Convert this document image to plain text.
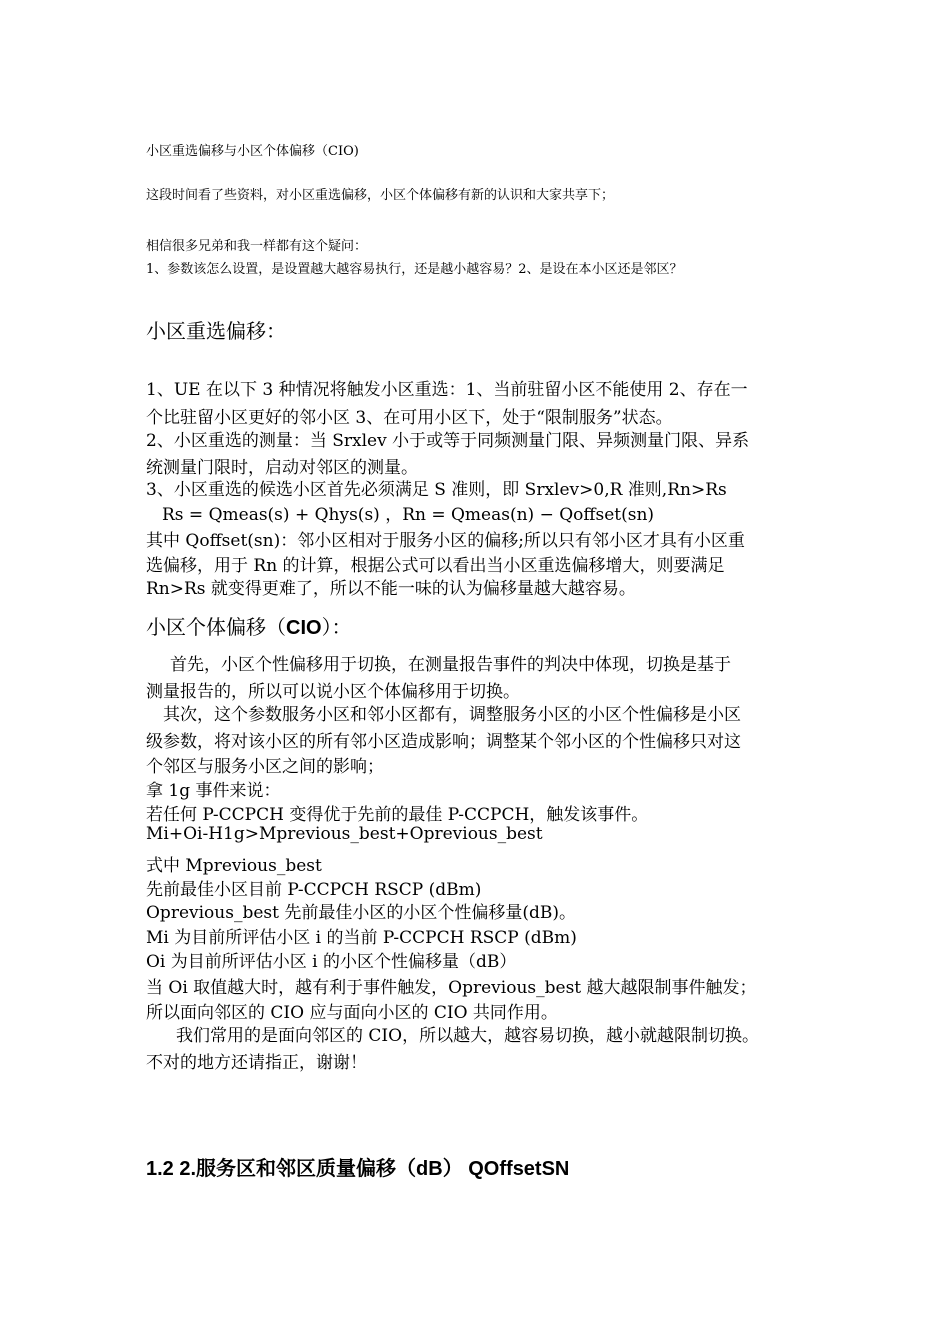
小区重选偏移与小区个体偏移（CIO)
这段时间看了些资料，对小区重选偏移，小区个体偏移有新的认识和大家共享下；
相信很多兄弟和我一样都有这个疑问：
1、参数该怎么设置，是设置越大越容易执行，还是越小越容易？2、是设在本小区还是邻区？
小区重选偏移：
1、UE 在以下 3 种情况将触发小区重选：1、当前驻留小区不能使用 2、存在一
个比驻留小区更好的邻小区 3、在可用小区下，处于“限制服务”状态。
2、小区重选的测量：当 Srxlev 小于或等于同频测量门限、异频测量门限、异系
统测量门限时，启动对邻区的测量。
3、小区重选的候选小区首先必须满足 S 准则，即 Srxlev>0,R 准则,Rn>Rs
Rs = Qmeas(s) + Qhys(s) ，Rn = Qmeas(n) − Qoffset(sn)
其中 Qoffset(sn)：邻小区相对于服务小区的偏移;所以只有邻小区才具有小区重
选偏移，用于 Rn 的计算，根据公式可以看出当小区重选偏移增大，则要满足
Rn>Rs 就变得更难了，所以不能一味的认为偏移量越大越容易。
小区个体偏移（CIO）：
首先，小区个性偏移用于切换，在测量报告事件的判决中体现，切换是基于
测量报告的，所以可以说小区个体偏移用于切换。
其次，这个参数服务小区和邻小区都有，调整服务小区的小区个性偏移是小区
级参数，将对该小区的所有邻小区造成影响；调整某个邻小区的个性偏移只对这
个邻区与服务小区之间的影响；
拿 1g 事件来说：
若任何 P-CCPCH 变得优于先前的最佳 P-CCPCH，触发该事件。
Mi+Oi-H1g>Mprevious_best+Oprevious_best
式中 Mprevious_best
先前最佳小区目前 P-CCPCH RSCP (dBm)
Oprevious_best 先前最佳小区的小区个性偏移量(dB)。
Mi 为目前所评估小区 i 的当前 P-CCPCH RSCP (dBm)
Oi 为目前所评估小区 i 的小区个性偏移量（dB）
当 Oi 取值越大时，越有利于事件触发，Oprevious_best 越大越限制事件触发；
所以面向邻区的 CIO 应与面向小区的 CIO 共同作用。
我们常用的是面向邻区的 CIO，所以越大，越容易切换，越小就越限制切换。
不对的地方还请指正，谢谢！
1.2 2.服务区和邻区质量偏移（dB） QOffsetSN
